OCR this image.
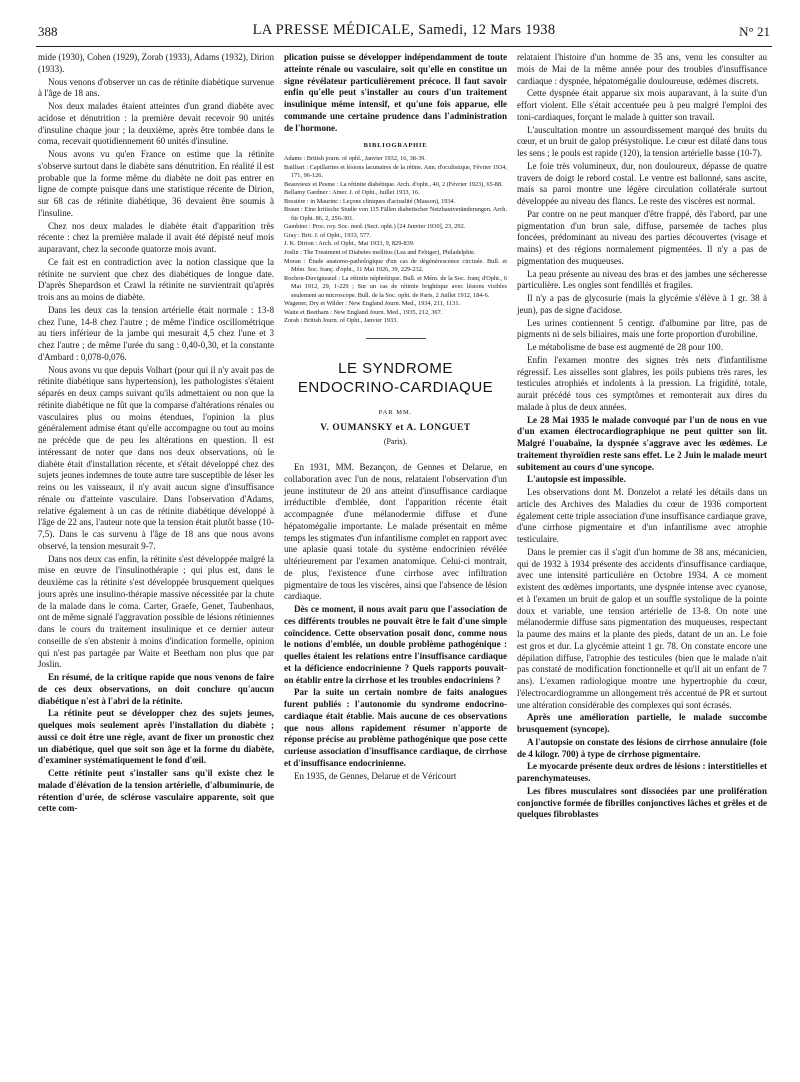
388	LA PRESSE MÉDICALE, Samedi, 12 Mars 1938	N° 21

mide (1930), Cohen (1929), Zorab (1933), Adams (1932), Dirion (1933).

Nous venons d'observer un cas de rétinite diabétique survenue à l'âge de 18 ans.

Nos deux malades étaient atteintes d'un grand diabète avec acidose et dénutrition : la première devait recevoir 90 unités d'insuline chaque jour ; la deuxième, après être tombée dans le coma, recevait quotidiennement 60 unités d'insuline.

Nous avons vu qu'en France on estime que la rétinite s'observe surtout dans le diabète sans dénutrition. En réalité il est probable que la forme même du diabète ne doit pas entrer en ligne de compte puisque dans une statistique récente de Dirion, sur 68 cas de rétinite diabétique, 36 devaient être soumis à l'insuline.

Chez nos deux malades le diabète était d'apparition très récente : chez la première malade il avait été dépisté neuf mois auparavant, chez la seconde quatorze mois avant.

Ce fait est en contradiction avec la notion classique que la rétinite ne survient que chez des diabétiques de longue date. D'après Shepardson et Crawl la rétinite ne survientrait qu'après trois ans au moins de diabète.

Dans les deux cas la tension artérielle était normale : 13-8 chez l'une, 14-8 chez l'autre ; de même l'indice oscillométrique au tiers inférieur de la jambe qui mesurait 4,5 chez l'une et 3 chez l'autre ; de même l'urée du sang : 0,40-0,30, et la constante d'Ambard : 0,078-0,076.

Nous avons vu que depuis Volhart (pour qui il n'y avait pas de rétinite diabétique sans hypertension), les pathologistes s'étaient séparés en deux camps suivant qu'ils admettaient ou non que la rétinite diabétique ne fût que la comparse d'altérations rénales ou vasculaires plus ou moins étendues, l'opinion la plus généralement admise étant qu'elle accompagne ou tout au moins ne précède que de peu les altérations en question. Il est intéressant de noter que dans nos deux observations, où le diabète était d'installation récente, et s'était développé chez des sujets jeunes indemnes de toute autre tare susceptible de léser les reins ou les vaisseaux, il n'y avait aucun signe d'insuffisance rénale ou d'atteinte vasculaire. Dans l'observation d'Adams, relative également à un cas de rétinite diabétique développé à l'âge de 22 ans, l'auteur note que la tension était plutôt basse (10-7,5). Dans le cas survenu à l'âge de 18 ans que nous avons observé, la tension mesurait 9-7.

Dans nos deux cas enfin, la rétinite s'est développée malgré la mise en œuvre de l'insulinothérapie ; qui plus est, dans le deuxième cas la rétinite s'est développée brusquement quelques jours après une insulino-thérapie massive nécessitée par la chute de la malade dans le coma. Carter, Graefe, Genet, Taubenhaus, ont de même signalé l'aggravation possible de lésions rétiniennes dans le cours du traitement insulinique et ce dernier auteur conseille de s'en abstenir à moins d'indication formelle, opinion qui n'est pas partagée par Waite et Beetham non plus que par Joslin.

En résumé, de la critique rapide que nous venons de faire de ces deux observations, on doit conclure qu'aucun diabétique n'est à l'abri de la rétinite.

La rétinite peut se développer chez des sujets jeunes, quelques mois seulement après l'installation du diabète ; aussi ce doit être une règle, avant de fixer un pronostic chez un diabétique, quel que soit son âge et la forme du diabète, d'examiner systématiquement le fond d'œil.

Cette rétinite peut s'installer sans qu'il existe chez le malade d'élévation de la tension artérielle, d'albuminurie, de rétention d'urée, de sclérose vasculaire apparente, soit que cette com-

plication puisse se développer indépendamment de toute atteinte rénale ou vasculaire, soit qu'elle en constitue un signe révélateur particulièrement précoce. Il faut savoir enfin qu'elle peut s'installer au cours d'un traitement insulinique même intensif, et qu'une fois apparue, elle commande une certaine prudence dans l'administration de l'hormone.

BIBLIOGRAPHIE

Adams : British journ. of ophl., Janvier 1932, 16, 38-39.

Bailliart : Capillarites et lésions lacunaires de la rétine. Ann. d'oculistique, Février 1934, 171, 96-126.

Beauvieux et Pesme : La rétinite diabétique. Arch. d'opht., 40, 2 (Février 1923), 65-88.

Bellamy Gardner : Amer. J. of Opht., Juillet 1933, 16.

Bessière : in Maurinc : Leçons cliniques d'actualité (Masson), 1934.

Braun : Eine kritische Studie von 115 Fällen diabetischer Netzhautveränderungen. Arch. für Opht. 86, 2, 256-301.

Gambino : Proc. roy. Soc. med. (Sect. opht.) [24 Janvier 1930], 23, 292.

Gray : Brit. J. of Opht., 1933, 577.

J. K. Dirion : Arch. of Opht., Mai 1933, 9, 829-839.

Joslin : The Treatment of Diabetes mellitus (Lea and Febiger), Philadelphie.

Moran : Étude anatomo-pathologique d'un cas de dégénérescence circinée. Bull. et Mém. Soc. franç. d'opht., 11 Mai 1926, 39, 229-232.

Rochon-Duvigneaud : La rétinite néphrétique. Bull. et Mém. de la Soc. franç d'Opht., 6 Mai 1912, 29, 1-229 ; Sur un cas de rétinite brightique avec lésions visibles seulement au microscope. Bull. de la Soc. opht. de Paris, 2 Juillet 1912, 184-6.

Wagener, Dry et Wilder : New England Journ. Med., 1934, 211, 1131.

Waite et Beetham : New England Journ. Med., 1935, 212, 367.

Zorab : British Journ. of Opht., Janvier 1933.

LE SYNDROME
ENDOCRINO-CARDIAQUE
PAR MM.
V. OUMANSKY et A. LONGUET
(Paris).

En 1931, MM. Bezançon, de Gennes et Delarue, en collaboration avec l'un de nous, relataient l'observation d'un jeune instituteur de 20 ans atteint d'insuffisance cardiaque irréductible d'emblée, dont l'apparition récente était accompagnée d'une mélanodermie diffuse et d'une hépatomégalie importante. Le malade présentait en même temps les stigmates d'un infantilisme complet en rapport avec une aplasie quasi totale du système endocrinien révélée ultérieurement par l'examen anatomique. Celui-ci montrait, de plus, l'existence d'une cirrhose avec infiltration pigmentaire de tous les viscères, ainsi que l'absence de lésion cardiaque.

Dès ce moment, il nous avait paru que l'association de ces différents troubles ne pouvait être le fait d'une simple coïncidence. Cette observation posait donc, comme nous le notions d'emblée, un double problème pathogénique : quelles étaient les relations entre l'insuffisance cardiaque et la déficience endocrinienne ? Quels rapports pouvait-on établir entre la cirrhose et les troubles endocriniens ?

Par la suite un certain nombre de faits analogues furent publiés : l'autonomie du syndrome endocrino-cardiaque était établie. Mais aucune de ces observations que nous allons rapidement résumer n'apporte de réponse précise au problème pathogénique que pose cette curieuse association d'insuffisance cardiaque, de cirrhose et d'insuffisance endocrinienne.

En 1935, de Gennes, Delarue et de Véricourt

relataient l'histoire d'un homme de 35 ans, venu les consulter au mois de Mai de la même année pour des troubles d'insuffisance cardiaque : dyspnée, hépatomégalie douloureuse, œdèmes discrets.

Cette dyspnée était apparue six mois auparavant, à la suite d'un effort violent. Elle s'était accentuée peu à peu malgré l'emploi des toni-cardiaques, forçant le malade à quitter son travail.

L'auscultation montre un assourdissement marqué des bruits du cœur, et un bruit de galop présystolique. Le cœur est dilaté dans tous les sens ; le pouls est rapide (120), la tension artérielle basse (10-7).

Le foie très volumineux, dur, non douloureux, dépasse de quatre travers de doigt le rebord costal. Le ventre est ballonné, sans ascite, mais sa paroi montre une légère circulation collatérale surtout développée au niveau des flancs. Le reste des viscères est normal.

Par contre on ne peut manquer d'être frappé, dès l'abord, par une pigmentation d'un brun sale, diffuse, parsemée de taches plus foncées, prédominant au niveau des parties découvertes (visage et mains) et des régions normalement pigmentées. Il n'y a pas de pigmentation des muqueuses.

La peau présente au niveau des bras et des jambes une sécheresse particulière. Les ongles sont fendillés et fragiles.

Il n'y a pas de glycosurie (mais la glycémie s'élève à 1 gr. 38 à jeun), pas de signe d'acidose.

Les urines contiennent 5 centigr. d'albumine par litre, pas de pigments ni de sels biliaires, mais une forte proportion d'urobiline.

Le métabolisme de base est augmenté de 28 pour 100.

Enfin l'examen montre des signes très nets d'infantilisme régressif. Les aisselles sont glabres, les poils pubiens très rares, les testicules atrophiés et indolents à la pression. La frigidité, totale, aurait précédé tous ces symptômes et remonterait aux dires du malade à plus de deux années.

Le 28 Mai 1935 le malade convoqué par l'un de nous en vue d'un examen électrocardiographique ne peut quitter son lit. Malgré l'ouabaïne, la dyspnée s'aggrave avec les œdèmes. Le traitement thyroïdien reste sans effet. Le 2 Juin le malade meurt subitement au cours d'une syncope.

L'autopsie est impossible.

Les observations dont M. Donzelot a relaté les détails dans un article des Archives des Maladies du cœur de 1936 comportent également cette triple association d'une insuffisance cardiaque grave, d'une cirrhose pigmentaire et d'un infantilisme avec atrophie testiculaire.

Dans le premier cas il s'agit d'un homme de 38 ans, mécanicien, qui de 1932 à 1934 présente des accidents d'insuffisance cardiaque, avec une intensité particulière en Octobre 1934. A ce moment existent des œdèmes importants, une dyspnée intense avec cyanose, et à l'examen un bruit de galop et un souffle systolique de la pointe doux et variable, une tension artérielle de 13-8. On note une mélanodermie diffuse sans pigmentation des muqueuses, respectant la paume des mains et la plante des pieds, datant de un an. Le foie est gros et dur. La glycémie atteint 1 gr. 78. On constate encore une dépilation diffuse, l'atrophie des testicules (bien que le malade n'ait pas constaté de modification fonctionnelle et qu'il ait un enfant de 7 ans). L'examen radiologique montre une hypertrophie du cœur, l'électrocardiogramme un allongement très accentué de PR et surtout une altération considérable des complexes qui sont écrasés.

Après une amélioration partielle, le malade succombe brusquement (syncope).

A l'autopsie on constate des lésions de cirrhose annulaire (foie de 4 kilogr. 700) à type de cirrhose pigmentaire.

Le myocarde présente deux ordres de lésions : interstitielles et parenchymateuses.

Les fibres musculaires sont dissociées par une prolifération conjonctive formée de fibrilles conjonctives lâches et grêles et de quelques fibroblastes
